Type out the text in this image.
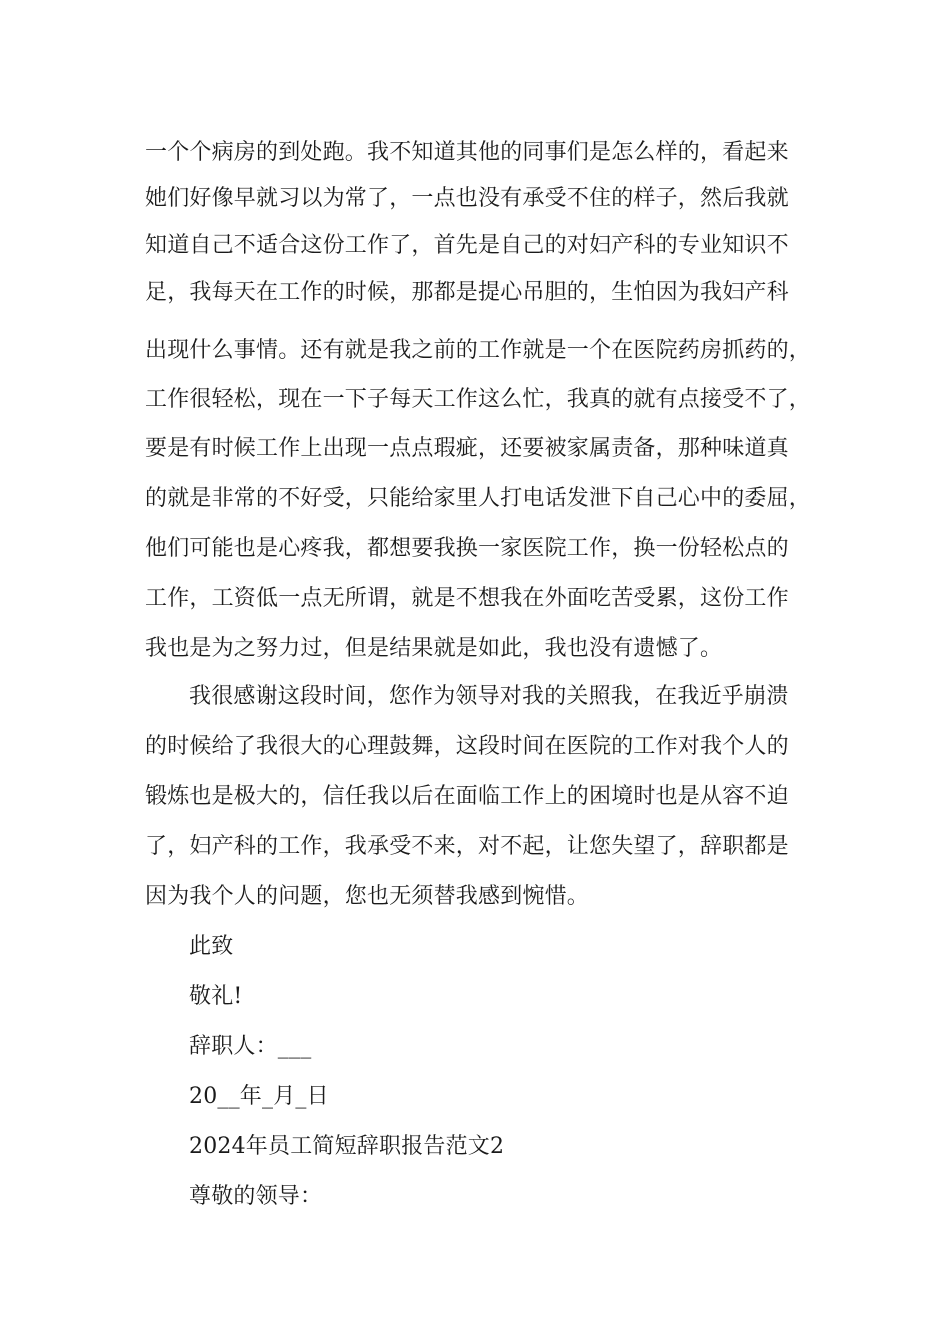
一个个病房的到处跑。我不知道其他的同事们是怎么样的，看起来
她们好像早就习以为常了，一点也没有承受不住的样子，然后我就
知道自己不适合这份工作了，首先是自己的对妇产科的专业知识不
足，我每天在工作的时候，那都是提心吊胆的，生怕因为我妇产科
出现什么事情。还有就是我之前的工作就是一个在医院药房抓药的，
工作很轻松，现在一下子每天工作这么忙，我真的就有点接受不了，
要是有时候工作上出现一点点瑕疵，还要被家属责备，那种味道真
的就是非常的不好受，只能给家里人打电话发泄下自己心中的委屈，
他们可能也是心疼我，都想要我换一家医院工作，换一份轻松点的
工作，工资低一点无所谓，就是不想我在外面吃苦受累，这份工作
我也是为之努力过，但是结果就是如此，我也没有遗憾了。
我很感谢这段时间，您作为领导对我的关照我，在我近乎崩溃
的时候给了我很大的心理鼓舞，这段时间在医院的工作对我个人的
锻炼也是极大的，信任我以后在面临工作上的困境时也是从容不迫
了，妇产科的工作，我承受不来，对不起，让您失望了，辞职都是
因为我个人的问题，您也无须替我感到惋惜。
此致
敬礼!
辞职人：___
20__年_月_日
2024年员工简短辞职报告范文2
尊敬的领导：
